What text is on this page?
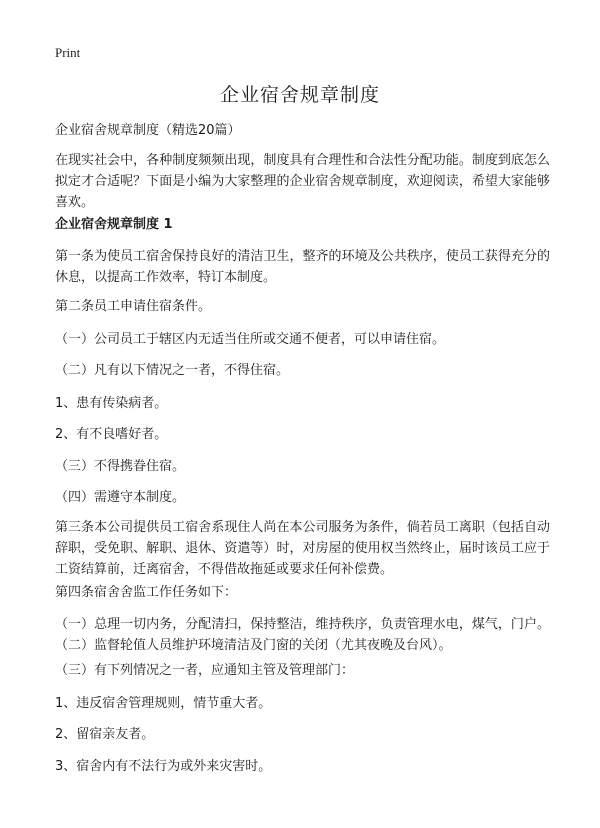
Print
企业宿舍规章制度

企业宿舍规章制度（精选20篇）

在现实社会中，各种制度频频出现，制度具有合理性和合法性分配功能。制度到底怎么拟定才合适呢？下面是小编为大家整理的企业宿舍规章制度，欢迎阅读，希望大家能够喜欢。

企业宿舍规章制度 1

第一条为使员工宿舍保持良好的清洁卫生，整齐的环境及公共秩序，使员工获得充分的休息，以提高工作效率，特订本制度。

第二条员工申请住宿条件。

（一）公司员工于辖区内无适当住所或交通不便者，可以申请住宿。

（二）凡有以下情况之一者，不得住宿。

1、患有传染病者。

2、有不良嗜好者。

（三）不得携眷住宿。

（四）需遵守本制度。

第三条本公司提供员工宿舍系现住人尚在本公司服务为条件，倘若员工离职（包括自动辞职，受免职、解职、退休、资遣等）时，对房屋的使用权当然终止，届时该员工应于工资结算前，迁离宿舍，不得借故拖延或要求任何补偿费。

第四条宿舍舍监工作任务如下：

（一）总理一切内务，分配清扫，保持整洁，维持秩序，负责管理水电，煤气，门户。（二）监督轮值人员维护环境清洁及门窗的关闭（尤其夜晚及台风）。

（三）有下列情况之一者，应通知主管及管理部门：

1、违反宿舍管理规则，情节重大者。

2、留宿亲友者。

3、宿舍内有不法行为或外来灾害时。
